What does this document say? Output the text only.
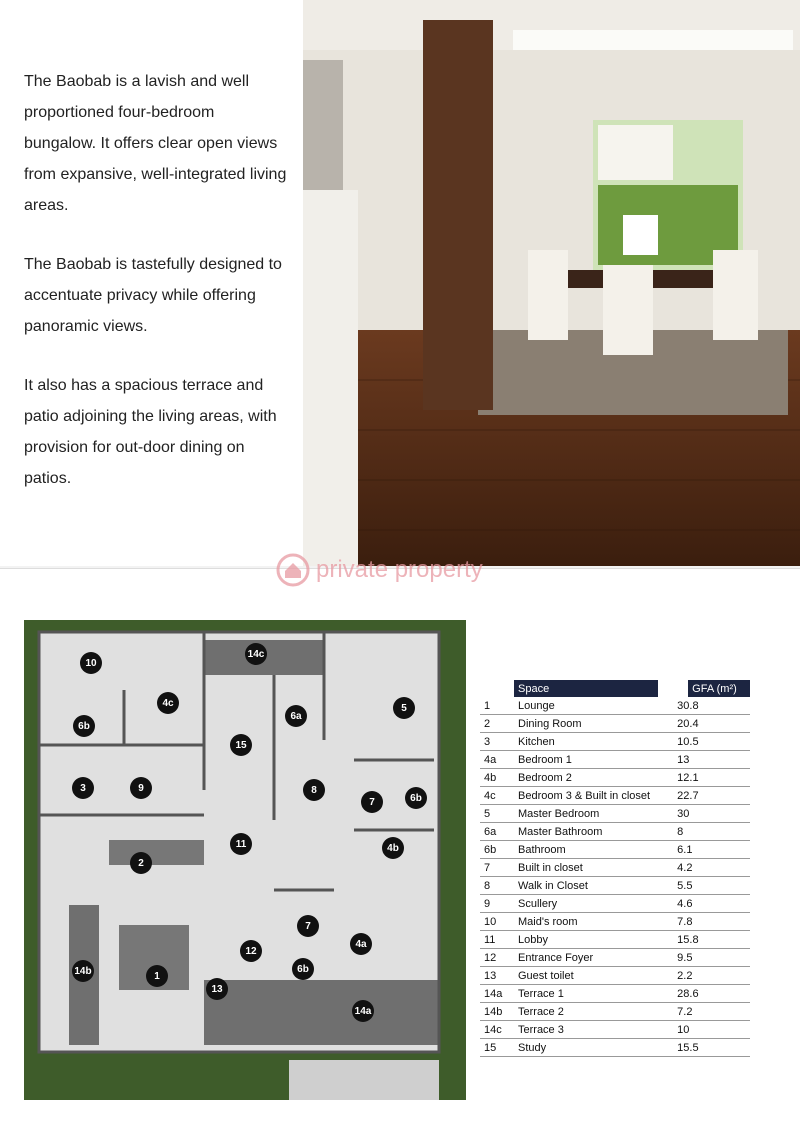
The Baobab is a lavish and well proportioned four-bedroom bungalow. It offers clear open views from expansive, well-integrated living areas.

The Baobab is tastefully designed to accentuate privacy while offering panoramic views.

It also has a spacious terrace and patio adjoining the living areas, with provision for out-door dining on patios.

private property
10
4c
14c
6a
5
6b
15
3	9	8
7	6b
11	4b
2
7
12
4a
14b	1
13
6b
14a
	Space	GFA (m²)
1	Lounge	30.8
2	Dining Room	20.4
3	Kitchen	10.5
4a	Bedroom 1	13
4b	Bedroom 2	12.1
4c	Bedroom 3 & Built in closet	22.7
5	Master Bedroom	30
6a	Master Bathroom	8
6b	Bathroom	6.1
7	Built in closet	4.2
8	Walk in Closet	5.5
9	Scullery	4.6
10	Maid's room	7.8
11	Lobby	15.8
12	Entrance Foyer	9.5
13	Guest toilet	2.2
14a	Terrace 1	28.6
14b	Terrace 2	7.2
14c	Terrace 3	10
15	Study	15.5
